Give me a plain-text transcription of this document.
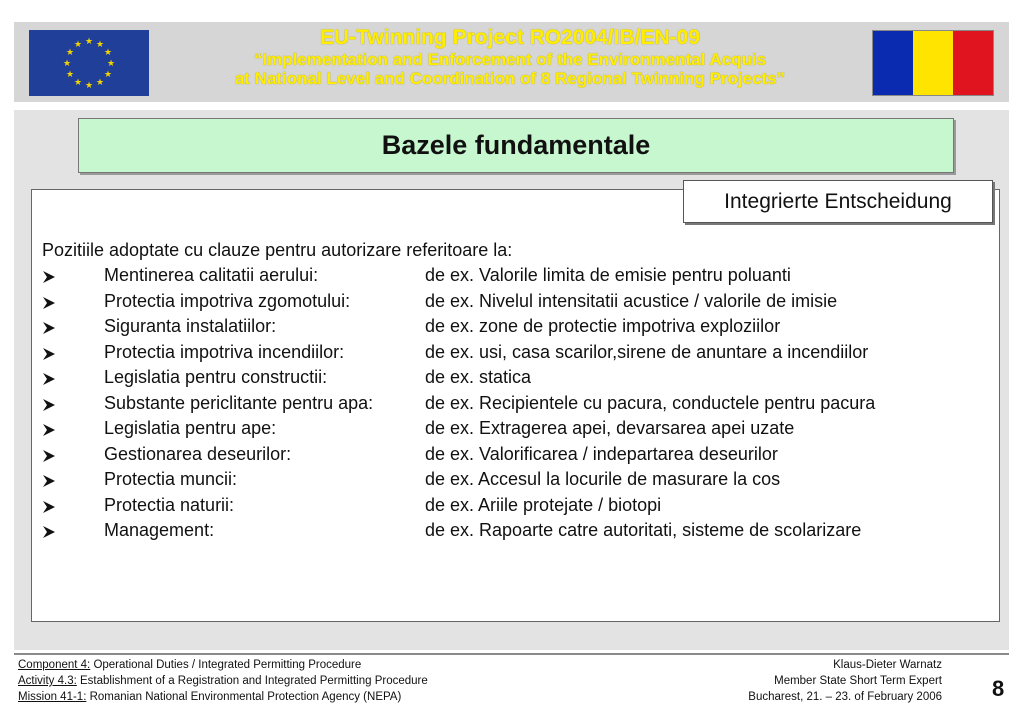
★ ★
★
★
★
★
★
★
★
★
★
★	EU-Twinning Project RO2004/IB/EN-09
“Implementation and Enforcement of the Environmental Acquis
at National Level and Coordination of 8 Regional Twinning Projects”
Bazele fundamentale
Integrierte Entscheidung
Pozitiile adoptate cu clauze pentru autorizare referitoare la:
Mentinerea calitatii aerului:	de ex. Valorile limita de emisie pentru poluanti
Protectia impotriva zgomotului:	de ex. Nivelul intensitatii acustice / valorile de imisie
Siguranta instalatiilor:	de ex. zone de protectie impotriva exploziilor
Protectia impotriva incendiilor:	de ex. usi, casa scarilor,sirene de anuntare a incendiilor
Legislatia pentru constructii:	de ex. statica
Substante periclitante pentru apa:	de ex. Recipientele cu pacura, conductele pentru pacura
Legislatia pentru ape:	de ex. Extragerea apei, devarsarea apei uzate
Gestionarea deseurilor:	de ex. Valorificarea / indepartarea deseurilor
Protectia muncii:	de ex. Accesul la locurile de masurare la cos
Protectia naturii:	de ex. Ariile protejate / biotopi
Management:	de ex. Rapoarte catre autoritati, sisteme de scolarizare
Component 4: Operational Duties / Integrated Permitting Procedure
Activity 4.3: Establishment of a Registration and Integrated Permitting Procedure
Mission 41-1: Romanian National Environmental Protection Agency (NEPA)
Klaus-Dieter Warnatz
Member State Short Term Expert
Bucharest, 21. – 23. of February 2006 8
